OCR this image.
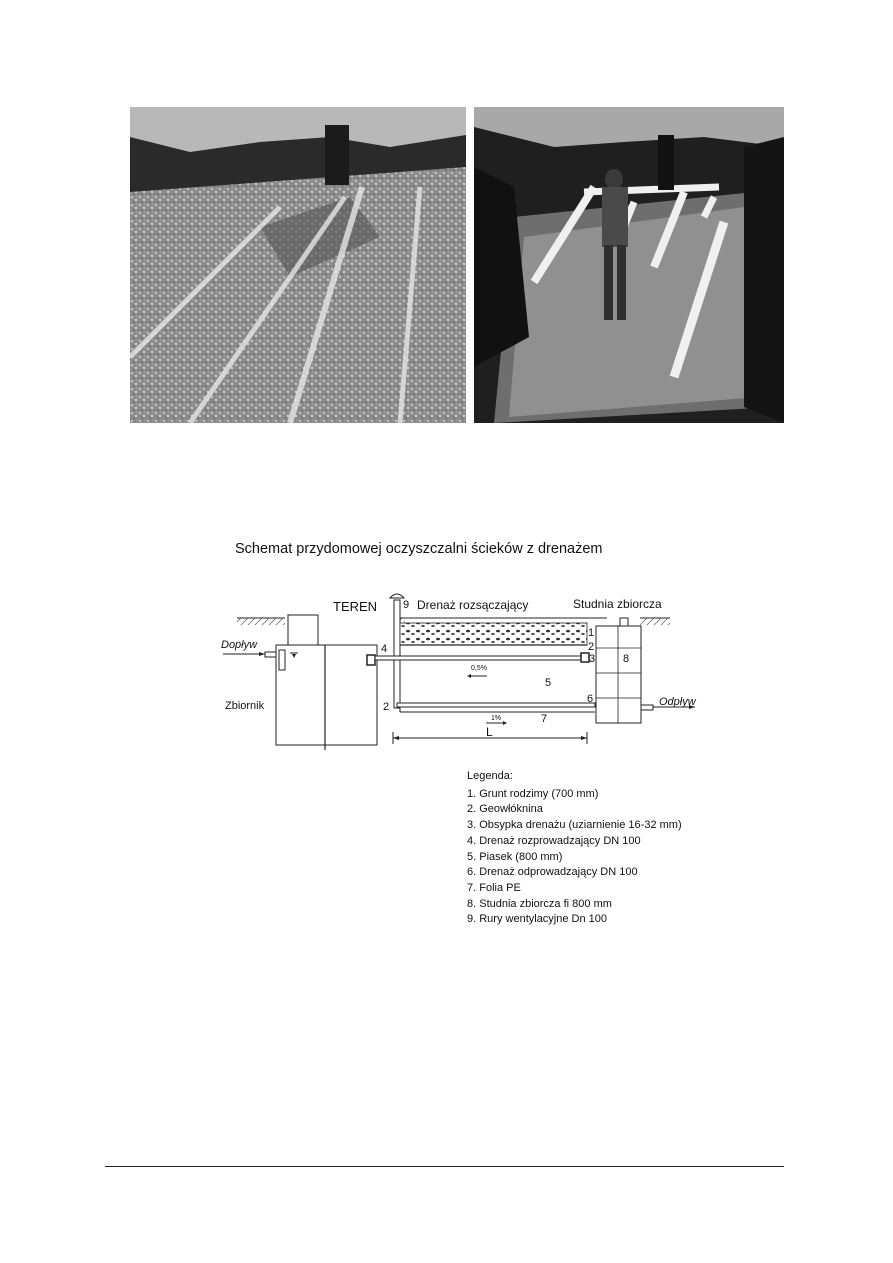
Schemat przydomowej oczyszczalni ścieków z drenażem
TEREN	Drenaż rozsączający	Studnia zbiorcza
Dopływ
Odpływ
Zbiornik
0,5%
1%
L
1
2
3
4
5
6
7
8
9
2
Legenda:
1. Grunt rodzimy (700 mm)
2. Geowłóknina
3. Obsypka drenażu (uziarnienie 16-32 mm)
4. Drenaż rozprowadzający DN 100
5. Piasek (800 mm)
6. Drenaż odprowadzający DN 100
7. Folia PE
8. Studnia zbiorcza fi 800 mm
9. Rury wentylacyjne Dn 100
